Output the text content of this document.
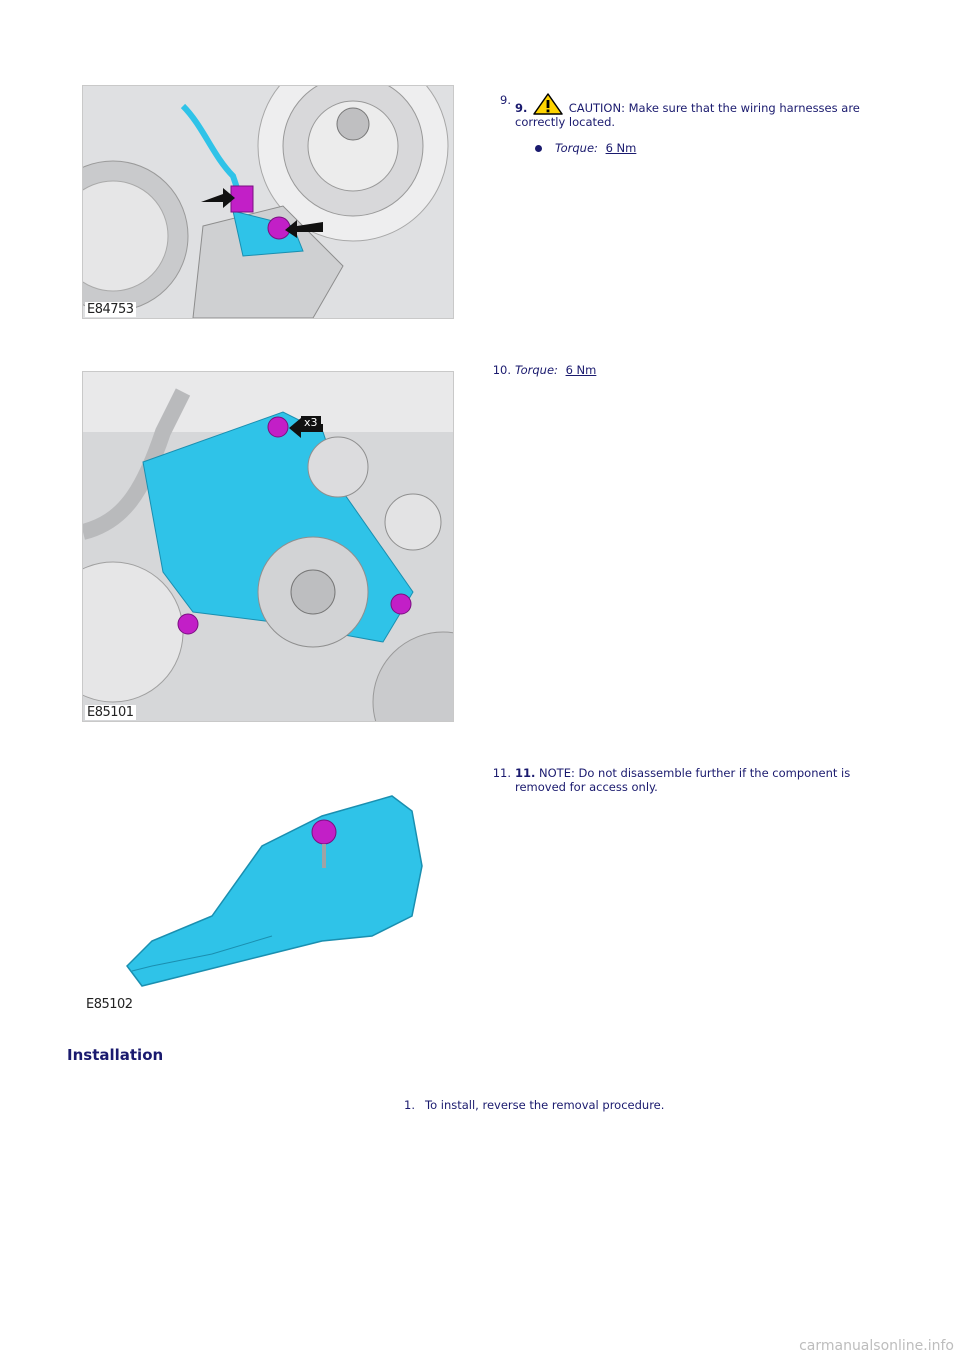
E84753
9.
9.	CAUTION: Make sure that the wiring harnesses are correctly located.
Torque: 6 Nm
x3
E85101
10. Torque: 6 Nm
E85102
11. 11. NOTE: Do not disassemble further if the component is removed for access only.
Installation
1. To install, reverse the removal procedure.
carmanualsonline.info
